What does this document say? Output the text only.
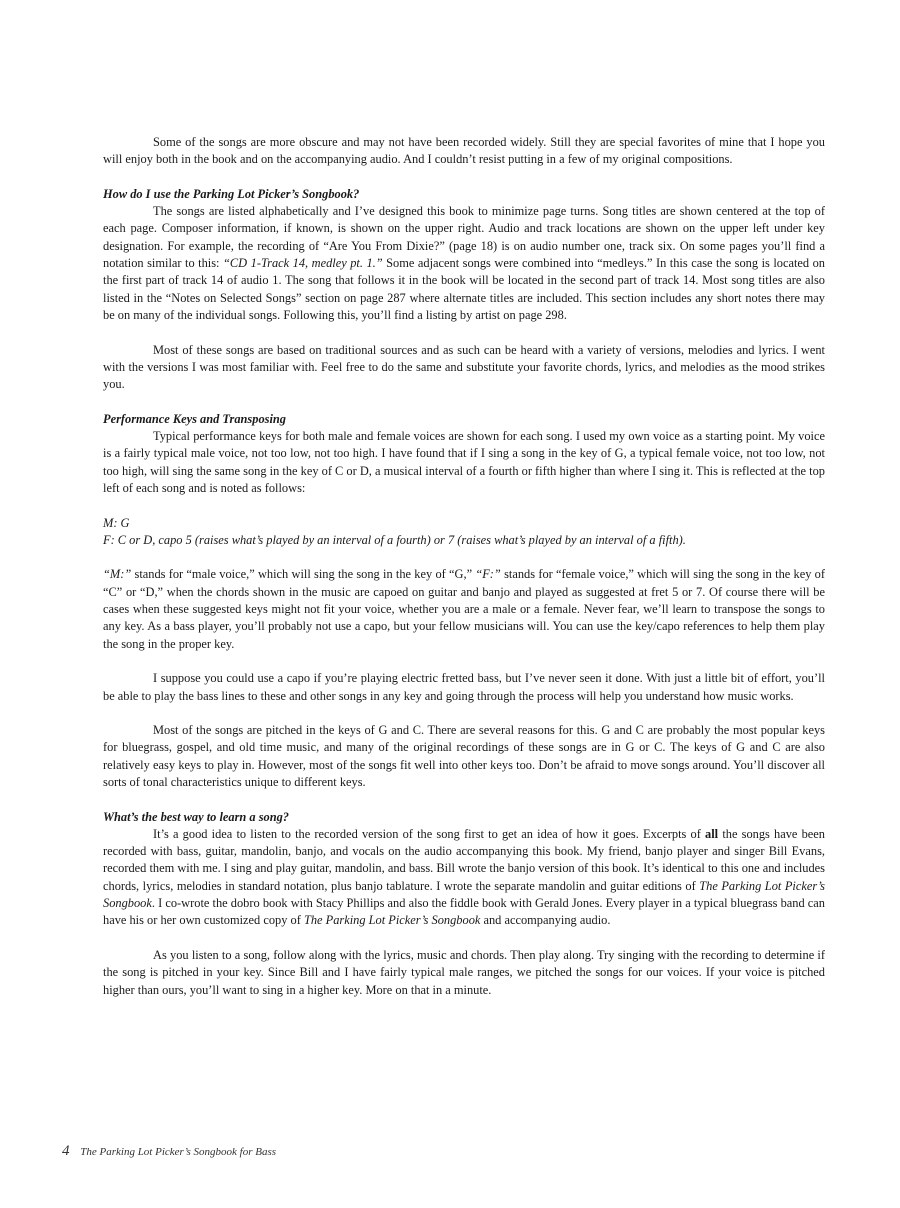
Some of the songs are more obscure and may not have been recorded widely. Still they are special favorites of mine that I hope you will enjoy both in the book and on the accompanying audio. And I couldn’t resist putting in a few of my original compositions.

How do I use the Parking Lot Picker’s Songbook?

The songs are listed alphabetically and I’ve designed this book to minimize page turns. Song titles are shown centered at the top of each page. Composer information, if known, is shown on the upper right. Audio and track locations are shown on the upper left under key designation. For example, the recording of “Are You From Dixie?” (page 18) is on audio number one, track six. On some pages you’ll find a notation similar to this: “CD 1-Track 14, medley pt. 1.” Some adjacent songs were combined into “medleys.” In this case the song is located on the first part of track 14 of audio 1. The song that follows it in the book will be located in the second part of track 14. Most song titles are also listed in the “Notes on Selected Songs” section on page 287 where alternate titles are included. This section includes any short notes there may be on many of the individual songs. Following this, you’ll find a listing by artist on page 298.

Most of these songs are based on traditional sources and as such can be heard with a variety of versions, melodies and lyrics. I went with the versions I was most familiar with. Feel free to do the same and substitute your favorite chords, lyrics, and melodies as the mood strikes you.

Performance Keys and Transposing

Typical performance keys for both male and female voices are shown for each song. I used my own voice as a starting point. My voice is a fairly typical male voice, not too low, not too high. I have found that if I sing a song in the key of G, a typical female voice, not too low, not too high, will sing the same song in the key of C or D, a musical interval of a fourth or fifth higher than where I sing it. This is reflected at the top left of each song and is noted as follows:

M: G
F: C or D, capo 5 (raises what’s played by an interval of a fourth) or 7 (raises what’s played by an interval of a fifth).

“M:” stands for “male voice,” which will sing the song in the key of “G,” “F:” stands for “female voice,” which will sing the song in the key of “C” or “D,” when the chords shown in the music are capoed on guitar and banjo and played as suggested at fret 5 or 7. Of course there will be cases when these suggested keys might not fit your voice, whether you are a male or a female. Never fear, we’ll learn to transpose the songs to any key. As a bass player, you’ll probably not use a capo, but your fellow musicians will. You can use the key/capo references to help them play the song in the proper key.

I suppose you could use a capo if you’re playing electric fretted bass, but I’ve never seen it done. With just a little bit of effort, you’ll be able to play the bass lines to these and other songs in any key and going through the process will help you understand how music works.

Most of the songs are pitched in the keys of G and C. There are several reasons for this. G and C are probably the most popular keys for bluegrass, gospel, and old time music, and many of the original recordings of these songs are in G or C. The keys of G and C are also relatively easy keys to play in. However, most of the songs fit well into other keys too. Don’t be afraid to move songs around. You’ll discover all sorts of tonal characteristics unique to different keys.

What’s the best way to learn a song?

It’s a good idea to listen to the recorded version of the song first to get an idea of how it goes. Excerpts of all the songs have been recorded with bass, guitar, mandolin, banjo, and vocals on the audio accompanying this book. My friend, banjo player and singer Bill Evans, recorded them with me. I sing and play guitar, mandolin, and bass. Bill wrote the banjo version of this book. It’s identical to this one and includes chords, lyrics, melodies in standard notation, plus banjo tablature. I wrote the separate mandolin and guitar editions of The Parking Lot Picker’s Songbook. I co-wrote the dobro book with Stacy Phillips and also the fiddle book with Gerald Jones. Every player in a typical bluegrass band can have his or her own customized copy of The Parking Lot Picker’s Songbook and accompanying audio.

As you listen to a song, follow along with the lyrics, music and chords. Then play along. Try singing with the recording to determine if the song is pitched in your key. Since Bill and I have fairly typical male ranges, we pitched the songs for our voices. If your voice is pitched higher than ours, you’ll want to sing in a higher key. More on that in a minute.

4 The Parking Lot Picker’s Songbook for Bass
